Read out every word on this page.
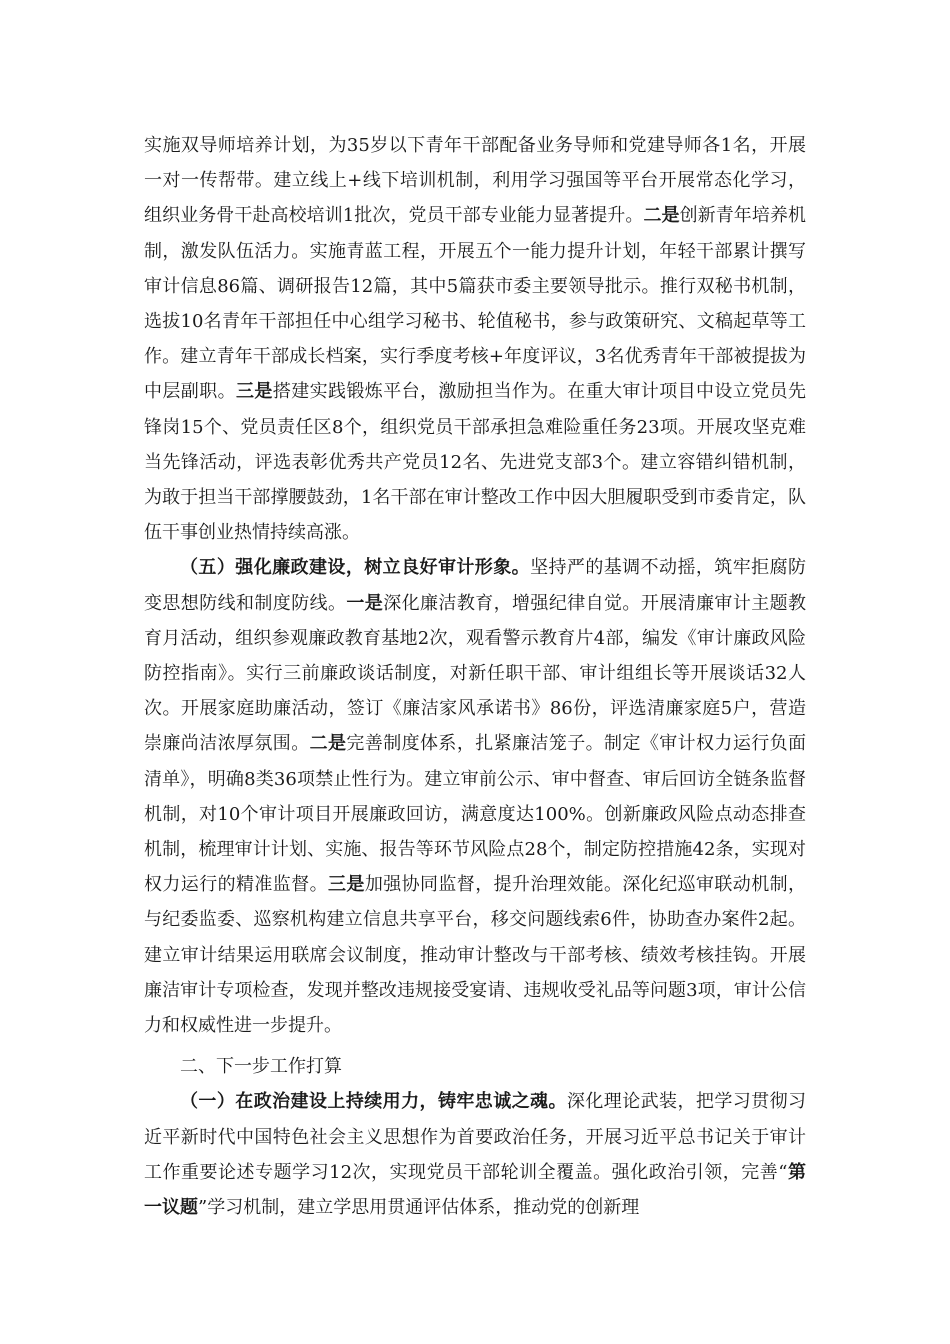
实施双导师培养计划，为35岁以下青年干部配备业务导师和党建导师各1名，开展一对一传帮带。建立线上+线下培训机制，利用学习强国等平台开展常态化学习，组织业务骨干赴高校培训1批次，党员干部专业能力显著提升。二是创新青年培养机制，激发队伍活力。实施青蓝工程，开展五个一能力提升计划，年轻干部累计撰写审计信息86篇、调研报告12篇，其中5篇获市委主要领导批示。推行双秘书机制，选拔10名青年干部担任中心组学习秘书、轮值秘书，参与政策研究、文稿起草等工作。建立青年干部成长档案，实行季度考核+年度评议，3名优秀青年干部被提拔为中层副职。三是搭建实践锻炼平台，激励担当作为。在重大审计项目中设立党员先锋岗15个、党员责任区8个，组织党员干部承担急难险重任务23项。开展攻坚克难当先锋活动，评选表彰优秀共产党员12名、先进党支部3个。建立容错纠错机制，为敢于担当干部撑腰鼓劲，1名干部在审计整改工作中因大胆履职受到市委肯定，队伍干事创业热情持续高涨。

（五）强化廉政建设，树立良好审计形象。坚持严的基调不动摇，筑牢拒腐防变思想防线和制度防线。一是深化廉洁教育，增强纪律自觉。开展清廉审计主题教育月活动，组织参观廉政教育基地2次，观看警示教育片4部，编发《审计廉政风险防控指南》。实行三前廉政谈话制度，对新任职干部、审计组组长等开展谈话32人次。开展家庭助廉活动，签订《廉洁家风承诺书》86份，评选清廉家庭5户，营造崇廉尚洁浓厚氛围。二是完善制度体系，扎紧廉洁笼子。制定《审计权力运行负面清单》，明确8类36项禁止性行为。建立审前公示、审中督查、审后回访全链条监督机制，对10个审计项目开展廉政回访，满意度达100%。创新廉政风险点动态排查机制，梳理审计计划、实施、报告等环节风险点28个，制定防控措施42条，实现对权力运行的精准监督。三是加强协同监督，提升治理效能。深化纪巡审联动机制，与纪委监委、巡察机构建立信息共享平台，移交问题线索6件，协助查办案件2起。建立审计结果运用联席会议制度，推动审计整改与干部考核、绩效考核挂钩。开展廉洁审计专项检查，发现并整改违规接受宴请、违规收受礼品等问题3项，审计公信力和权威性进一步提升。

二、下一步工作打算

（一）在政治建设上持续用力，铸牢忠诚之魂。深化理论武装，把学习贯彻习近平新时代中国特色社会主义思想作为首要政治任务，开展习近平总书记关于审计工作重要论述专题学习12次，实现党员干部轮训全覆盖。强化政治引领，完善“第一议题”学习机制，建立学思用贯通评估体系，推动党的创新理
